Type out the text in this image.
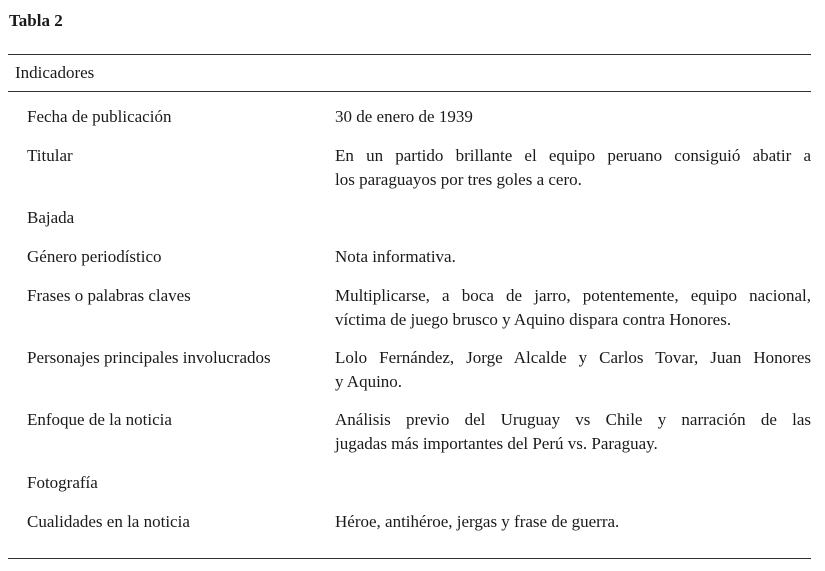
Tabla 2
Indicadores
Fecha de publicación	30 de enero de 1939
Titular	En un partido brillante el equipo peruano consiguió abatir a
los paraguayos por tres goles a cero.
Bajada
Género periodístico	Nota informativa.
Frases o palabras claves	Multiplicarse, a boca de jarro, potentemente, equipo nacional,
víctima de juego brusco y Aquino dispara contra Honores.
Personajes principales involucrados	Lolo Fernández, Jorge Alcalde y Carlos Tovar, Juan Honores
y Aquino.
Enfoque de la noticia	Análisis previo del Uruguay vs Chile y narración de las
jugadas más importantes del Perú vs. Paraguay.
Fotografía
Cualidades en la noticia	Héroe, antihéroe, jergas y frase de guerra.
